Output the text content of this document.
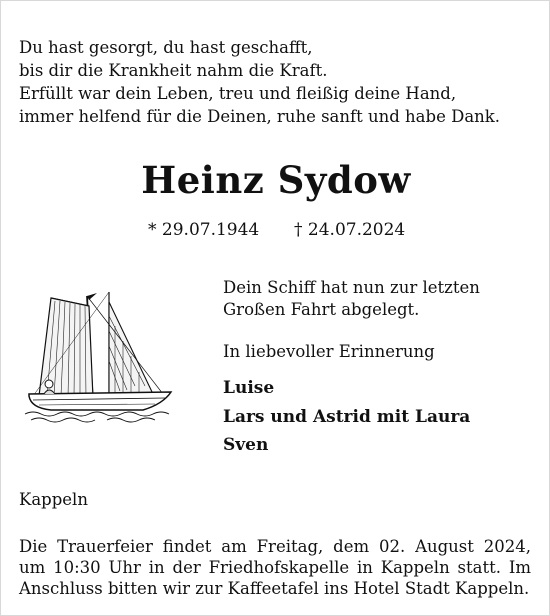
Du hast gesorgt, du hast geschafft,
bis dir die Krankheit nahm die Kraft.
Erfüllt war dein Leben, treu und fleißig deine Hand,
immer helfend für die Deinen, ruhe sanft und habe Dank.
Heinz Sydow
* 29.07.1944 † 24.07.2024
Dein Schiff hat nun zur letzten
Großen Fahrt abgelegt.
In liebevoller Erinnerung
Luise
Lars und Astrid mit Laura
Sven
Kappeln
Die Trauerfeier findet am Freitag, dem 02. August 2024,
um 10:30 Uhr in der Friedhofskapelle in Kappeln statt. Im
Anschluss bitten wir zur Kaffeetafel ins Hotel Stadt Kappeln.
